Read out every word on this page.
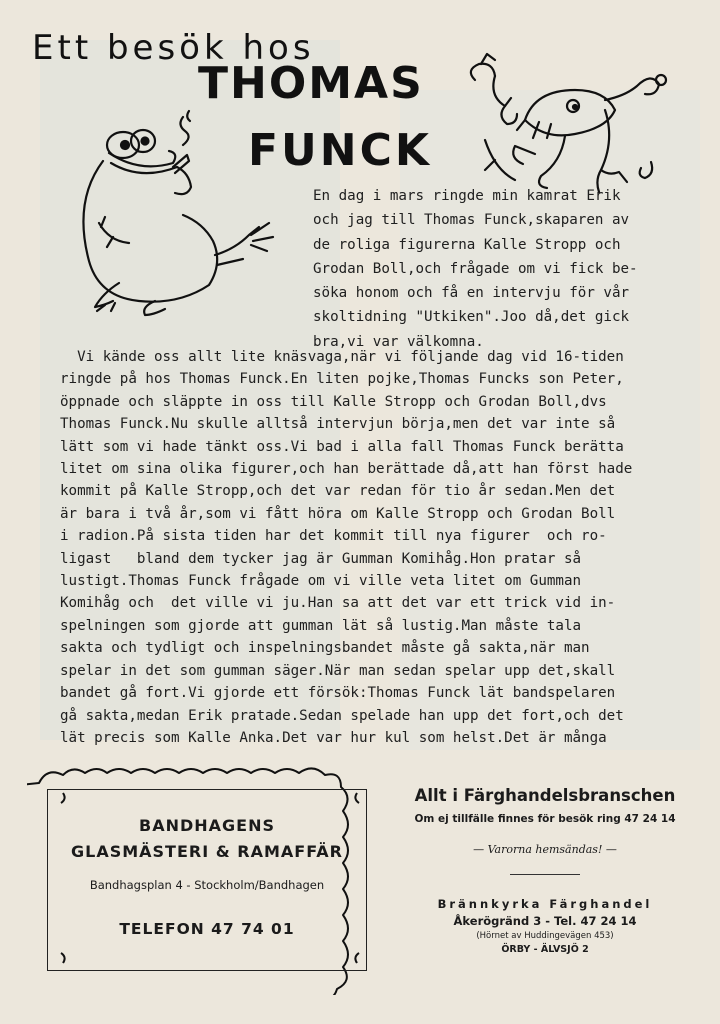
Ett besök hos
THOMAS
FUNCK
En dag i mars ringde min kamrat Erik
och jag till Thomas Funck,skaparen av
de roliga figurerna Kalle Stropp och
Grodan Boll,och frågade om vi fick be-
söka honom och få en intervju för vår
skoltidning "Utkiken".Joo då,det gick
bra,vi var välkomna.
Vi kände oss allt lite knäsvaga,när vi följande dag vid 16-tiden
ringde på hos Thomas Funck.En liten pojke,Thomas Funcks son Peter,
öppnade och släppte in oss till Kalle Stropp och Grodan Boll,dvs
Thomas Funck.Nu skulle alltså intervjun börja,men det var inte så
lätt som vi hade tänkt oss.Vi bad i alla fall Thomas Funck berätta
litet om sina olika figurer,och han berättade då,att han först hade
kommit på Kalle Stropp,och det var redan för tio år sedan.Men det
är bara i två år,som vi fått höra om Kalle Stropp och Grodan Boll
i radion.På sista tiden har det kommit till nya figurer  och ro-
ligast   bland dem tycker jag är Gumman Komihåg.Hon pratar så
lustigt.Thomas Funck frågade om vi ville veta litet om Gumman
Komihåg och  det ville vi ju.Han sa att det var ett trick vid in-
spelningen som gjorde att gumman lät så lustig.Man måste tala
sakta och tydligt och inspelningsbandet måste gå sakta,när man
spelar in det som gumman säger.När man sedan spelar upp det,skall
bandet gå fort.Vi gjorde ett försök:Thomas Funck lät bandspelaren
gå sakta,medan Erik pratade.Sedan spelade han upp det fort,och det
lät precis som Kalle Anka.Det var hur kul som helst.Det är många
BANDHAGENS
GLASMÄSTERI & RAMAFFÄR
Bandhagsplan 4 - Stockholm/Bandhagen
TELEFON 47 74 01
Allt i Färghandelsbranschen
Om ej tillfälle finnes för besök ring 47 24 14
— Varorna hemsändas! —
Brännkyrka Färghandel
Åkerögränd 3 - Tel. 47 24 14
(Hörnet av Huddingevägen 453)
ÖRBY - ÄLVSJÖ 2
